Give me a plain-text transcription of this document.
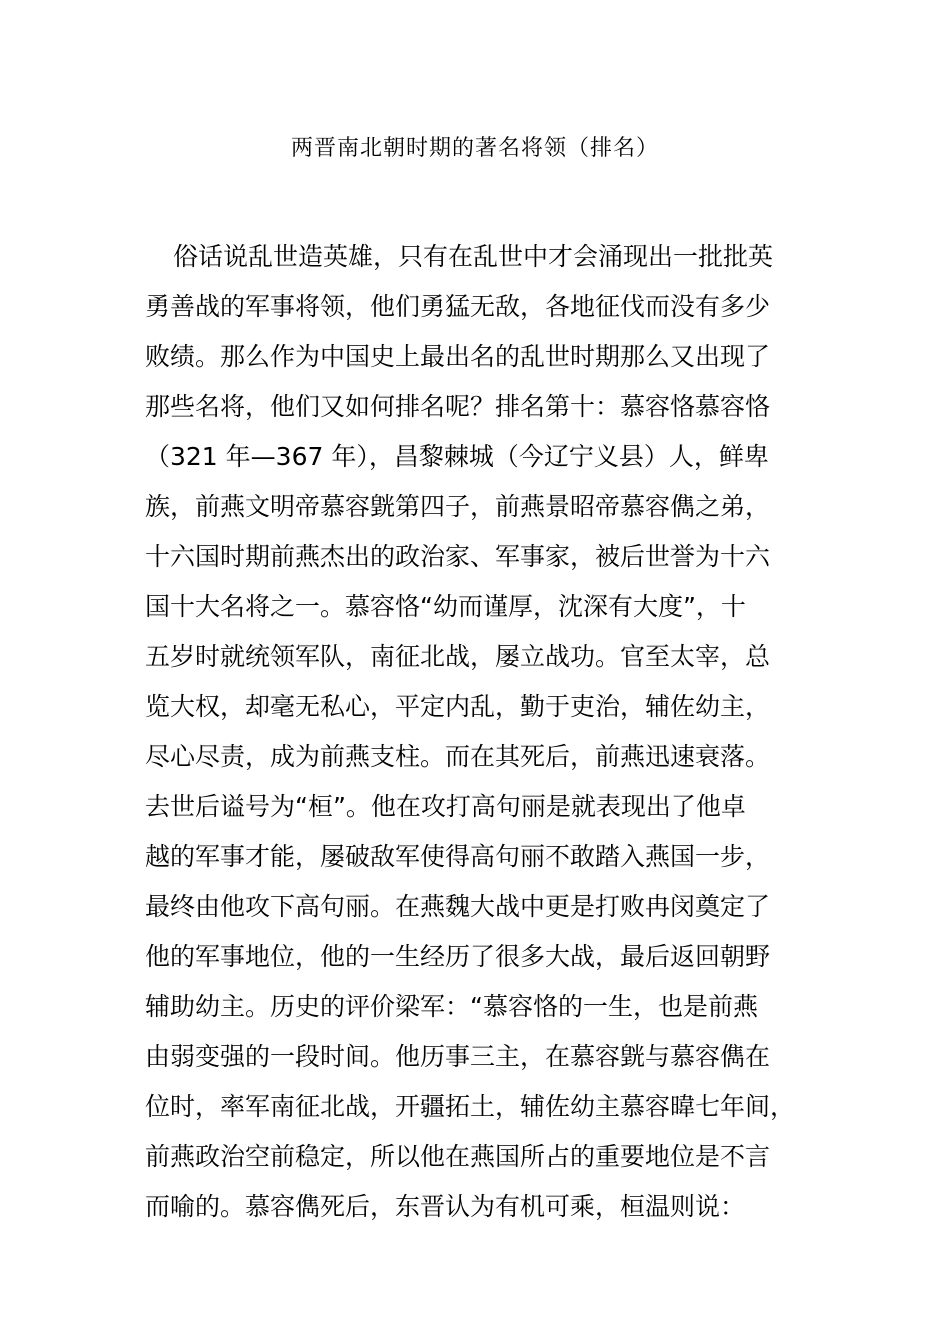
两晋南北朝时期的著名将领（排名）
俗话说乱世造英雄，只有在乱世中才会涌现出一批批英
勇善战的军事将领，他们勇猛无敌，各地征伐而没有多少
败绩。那么作为中国史上最出名的乱世时期那么又出现了
那些名将，他们又如何排名呢？排名第十：慕容恪慕容恪
（321 年—367 年），昌黎棘城（今辽宁义县）人，鲜卑
族，前燕文明帝慕容皝第四子，前燕景昭帝慕容儁之弟，
十六国时期前燕杰出的政治家、军事家，被后世誉为十六
国十大名将之一。慕容恪“幼而谨厚，沈深有大度”，十
五岁时就统领军队，南征北战，屡立战功。官至太宰，总
览大权，却毫无私心，平定内乱，勤于吏治，辅佐幼主，
尽心尽责，成为前燕支柱。而在其死后，前燕迅速衰落。
去世后谥号为“桓”。他在攻打高句丽是就表现出了他卓
越的军事才能，屡破敌军使得高句丽不敢踏入燕国一步，
最终由他攻下高句丽。在燕魏大战中更是打败冉闵奠定了
他的军事地位，他的一生经历了很多大战，最后返回朝野
辅助幼主。历史的评价梁军：“慕容恪的一生，也是前燕
由弱变强的一段时间。他历事三主，在慕容皝与慕容儁在
位时，率军南征北战，开疆拓土，辅佐幼主慕容暐七年间，
前燕政治空前稳定，所以他在燕国所占的重要地位是不言
而喻的。慕容儁死后，东晋认为有机可乘，桓温则说：
